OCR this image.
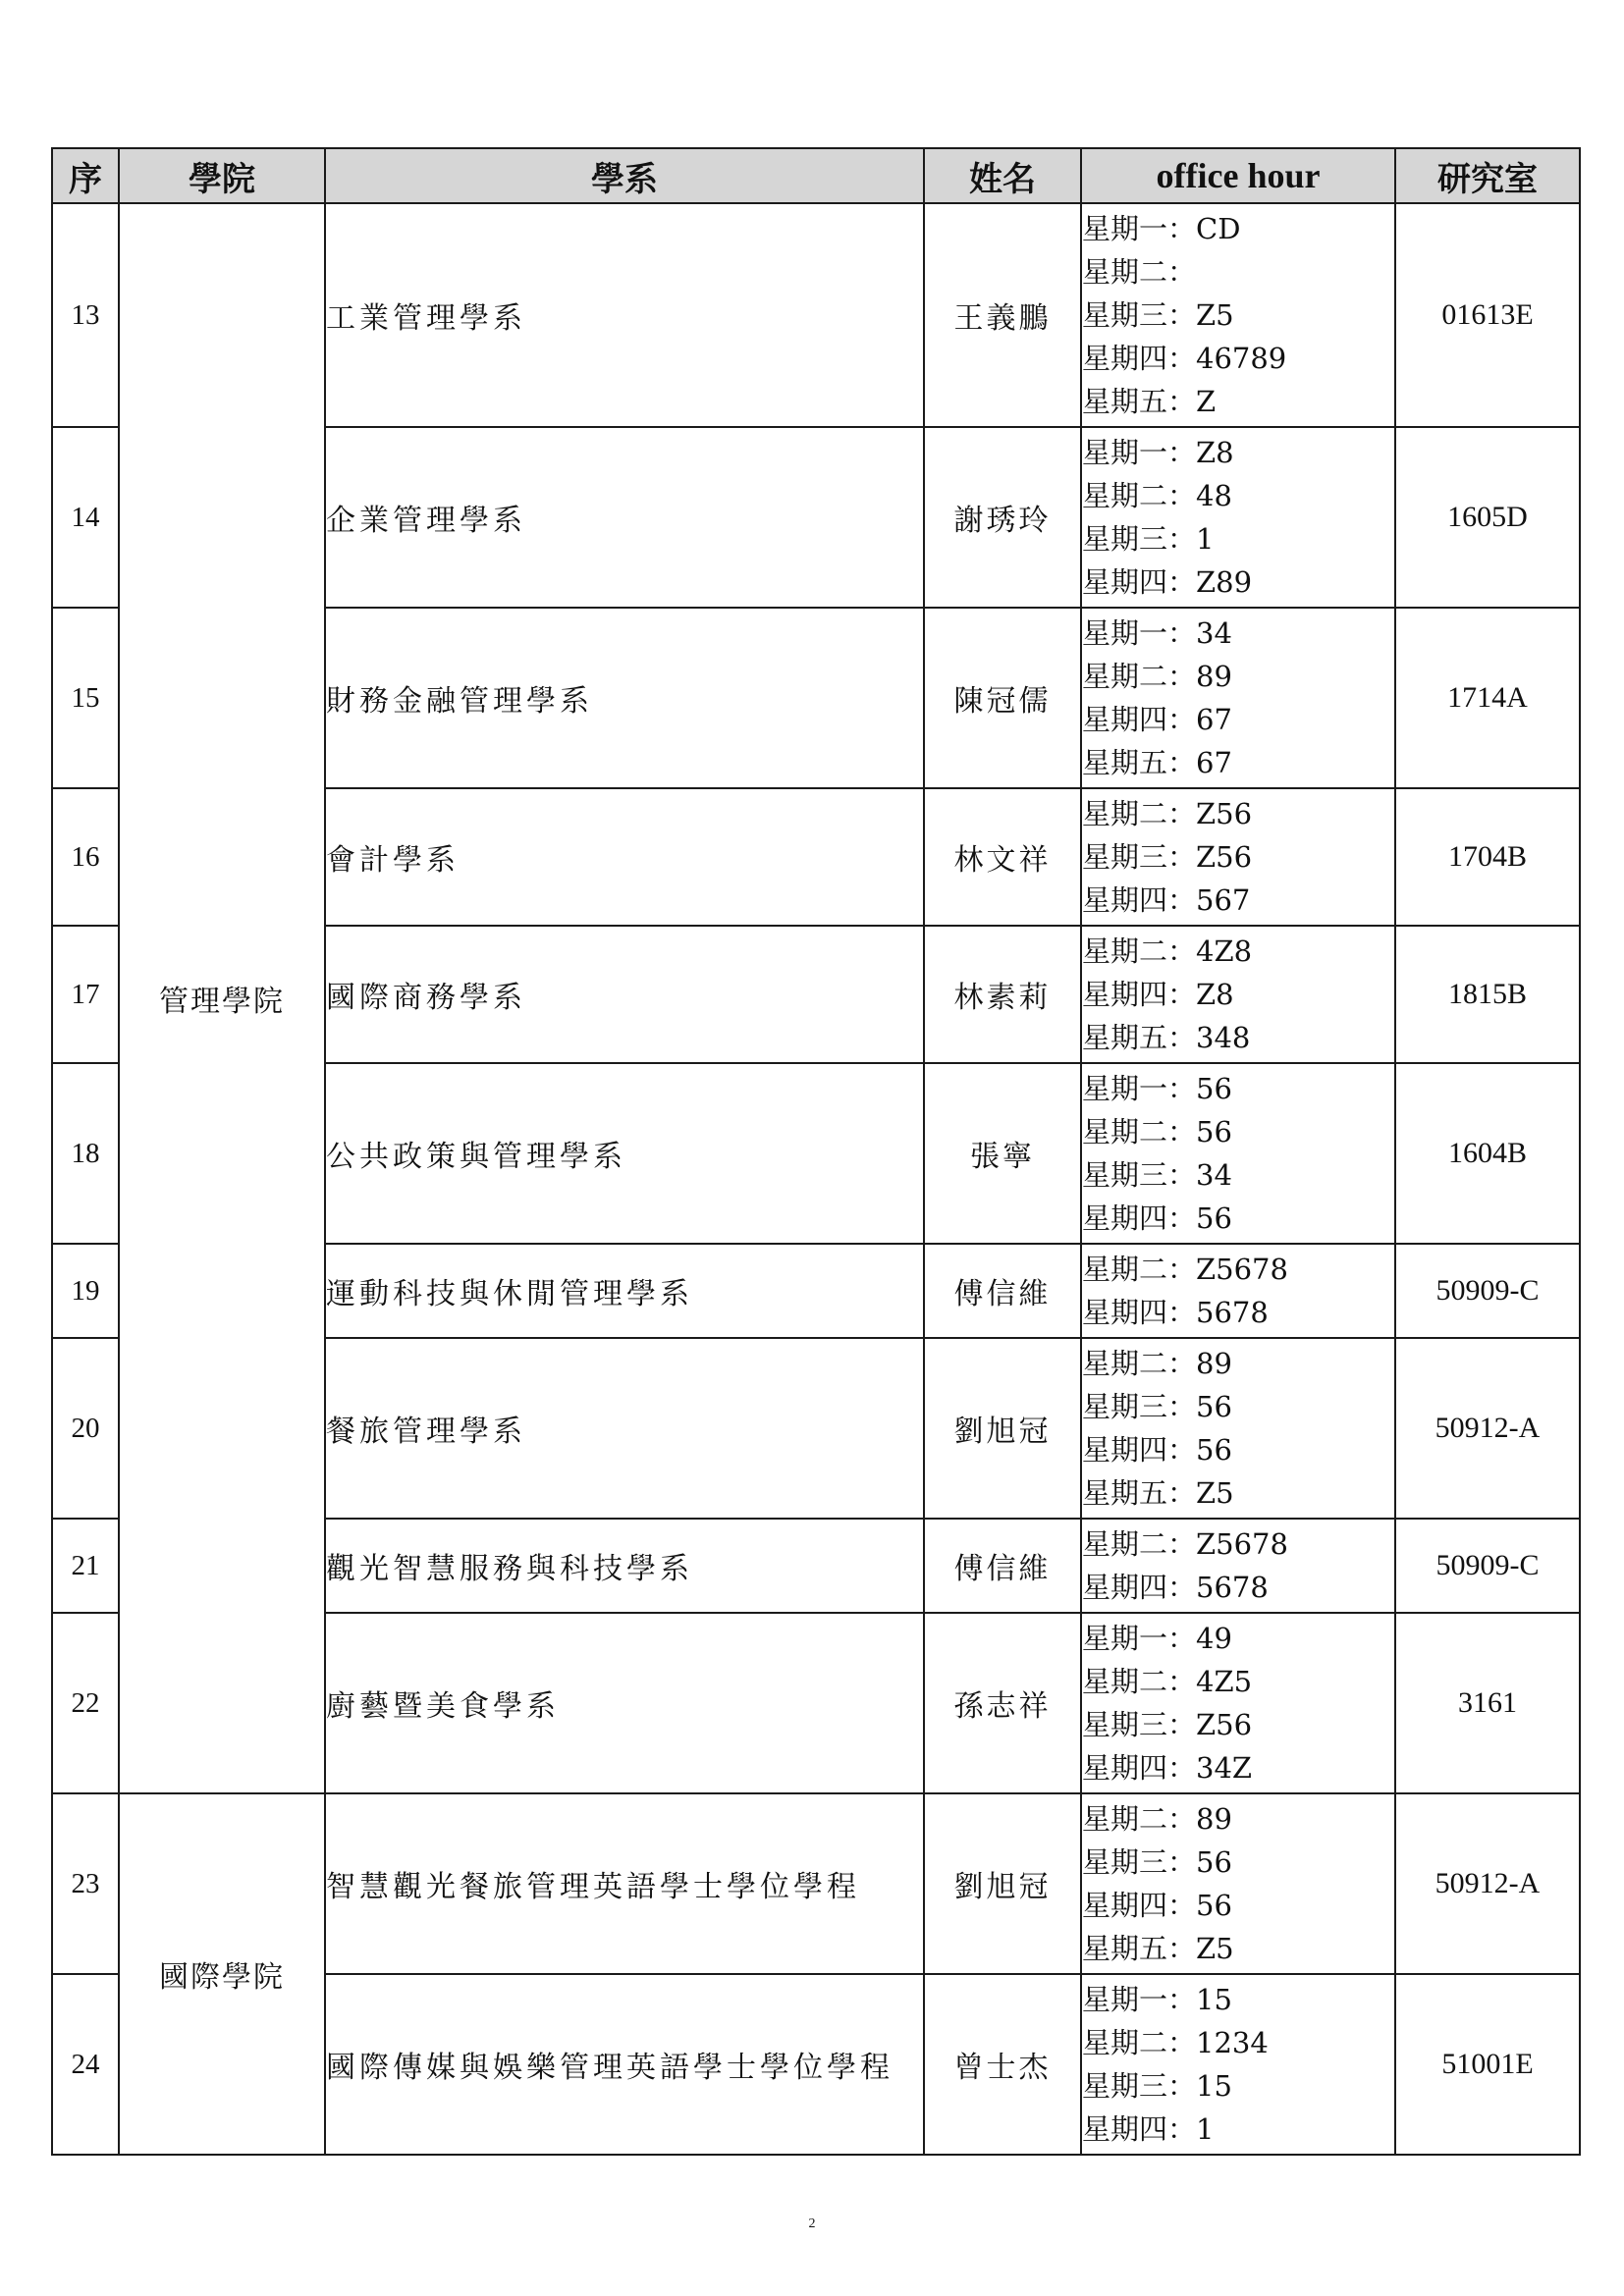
序	學院	學系	姓名	office hour	研究室
13	管理學院	工業管理學系	王義鵬	星期一：CD
星期二：
星期三：Z5
星期四：46789
星期五：Z	01613E
14		企業管理學系	謝琇玲	星期一：Z8
星期二：48
星期三：1
星期四：Z89	1605D
15		財務金融管理學系	陳冠儒	星期一：34
星期二：89
星期四：67
星期五：67	1714A
16		會計學系	林文祥	星期二：Z56
星期三：Z56
星期四：567	1704B
17		國際商務學系	林素莉	星期二：4Z8
星期四：Z8
星期五：348	1815B
18		公共政策與管理學系	張寧	星期一：56
星期二：56
星期三：34
星期四：56	1604B
19		運動科技與休閒管理學系	傅信維	星期二：Z5678
星期四：5678	50909-C
20		餐旅管理學系	劉旭冠	星期二：89
星期三：56
星期四：56
星期五：Z5	50912-A
21		觀光智慧服務與科技學系	傅信維	星期二：Z5678
星期四：5678	50909-C
22		廚藝暨美食學系	孫志祥	星期一：49
星期二：4Z5
星期三：Z56
星期四：34Z	3161
23	國際學院	智慧觀光餐旅管理英語學士學位學程	劉旭冠	星期二：89
星期三：56
星期四：56
星期五：Z5	50912-A
24		國際傳媒與娛樂管理英語學士學位學程	曾士杰	星期一：15
星期二：1234
星期三：15
星期四：1	51001E
2
